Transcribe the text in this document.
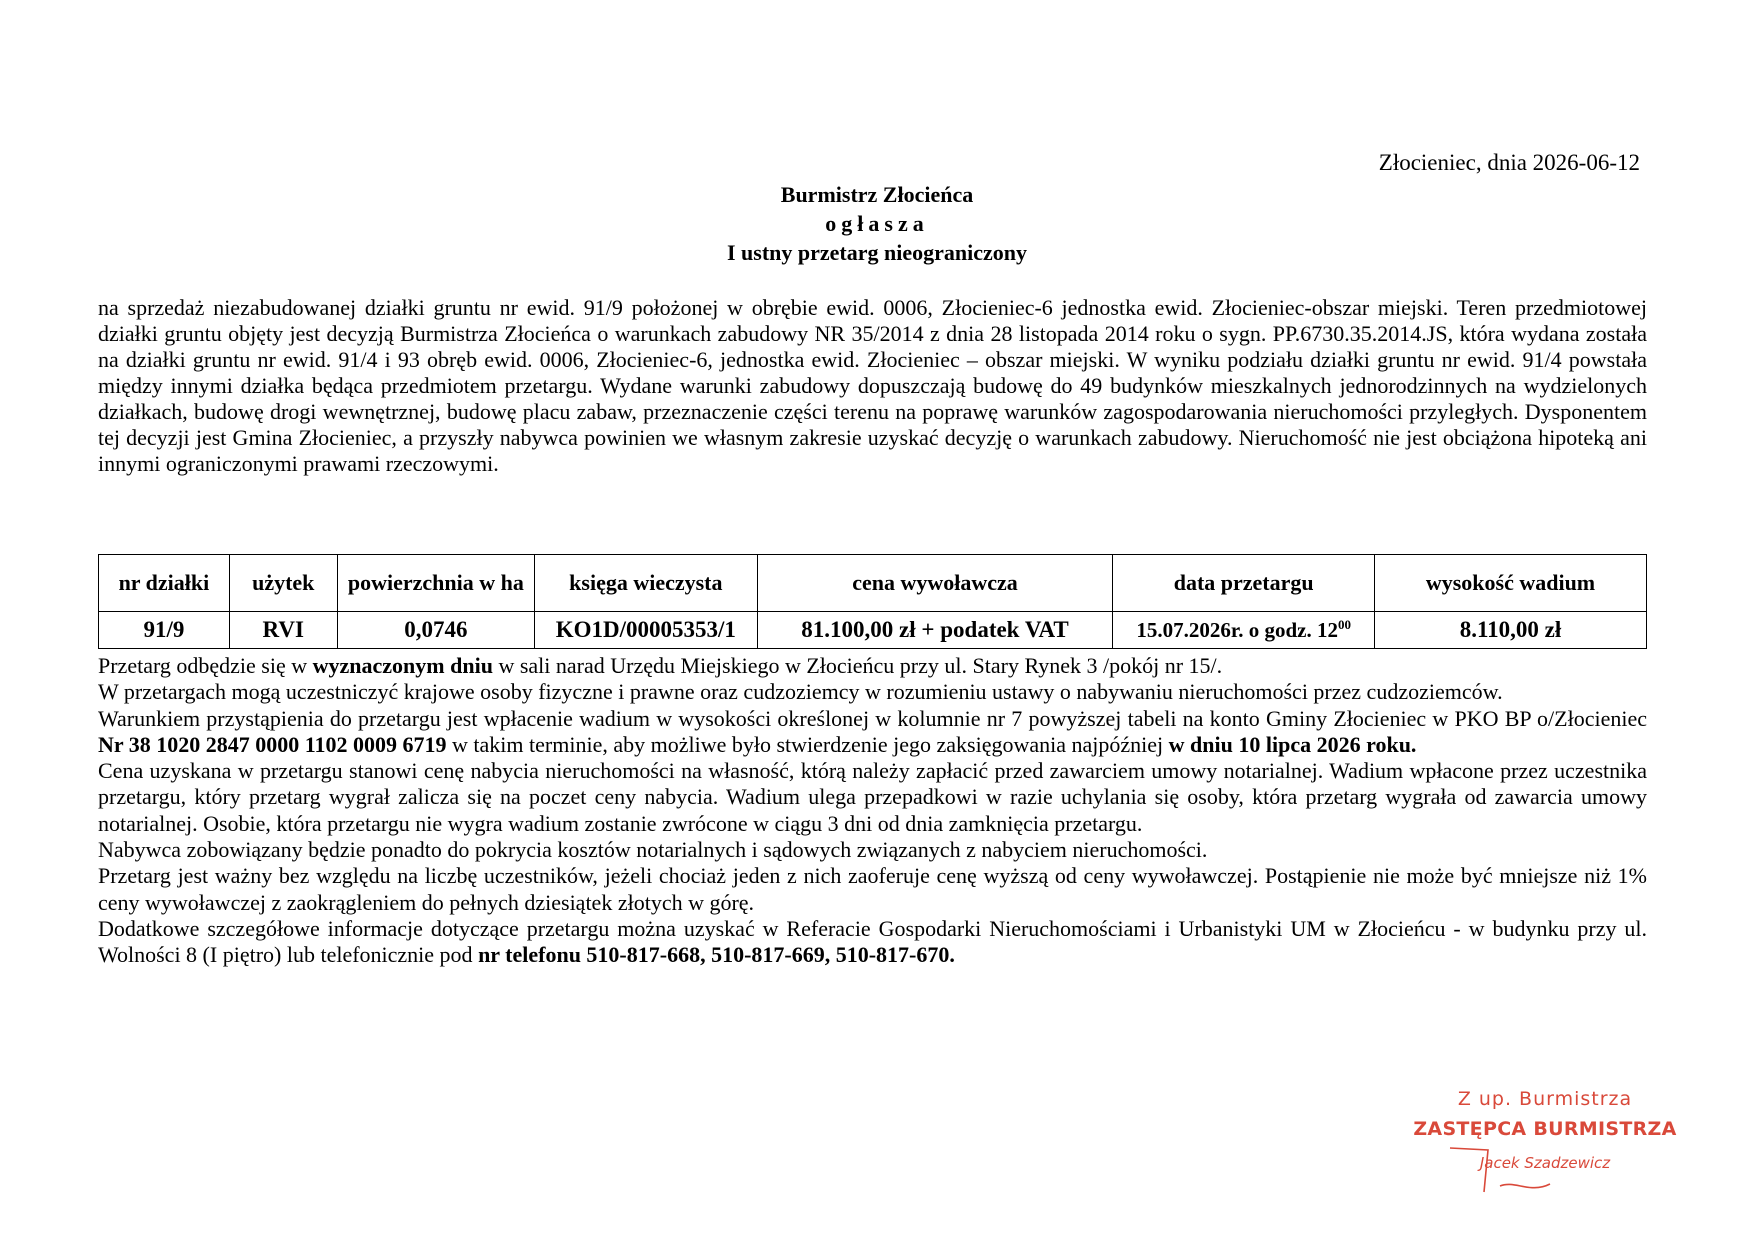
Złocieniec, dnia 2026-06-12
Burmistrz Złocieńca
ogłasza
I ustny przetarg nieograniczony
na sprzedaż niezabudowanej działki gruntu nr ewid. 91/9 położonej w obrębie ewid. 0006, Złocieniec-6 jednostka ewid. Złocieniec-obszar miejski. Teren przedmiotowej działki gruntu objęty jest decyzją Burmistrza Złocieńca o warunkach zabudowy NR 35/2014 z dnia 28 listopada 2014 roku o sygn. PP.6730.35.2014.JS, która wydana została na działki gruntu nr ewid. 91/4 i 93 obręb ewid. 0006, Złocieniec-6, jednostka ewid. Złocieniec – obszar miejski. W wyniku podziału działki gruntu nr ewid. 91/4 powstała między innymi działka będąca przedmiotem przetargu. Wydane warunki zabudowy dopuszczają budowę do 49 budynków mieszkalnych jednorodzinnych na wydzielonych działkach, budowę drogi wewnętrznej, budowę placu zabaw, przeznaczenie części terenu na poprawę warunków zagospodarowania nieruchomości przyległych. Dysponentem tej decyzji jest Gmina Złocieniec, a przyszły nabywca powinien we własnym zakresie uzyskać decyzję o warunkach zabudowy. Nieruchomość nie jest obciążona hipoteką ani innymi ograniczonymi prawami rzeczowymi.
nr działki	użytek	powierzchnia w ha	księga wieczysta	cena wywoławcza	data przetargu	wysokość wadium
91/9	RVI	0,0746	KO1D/00005353/1	81.100,00 zł + podatek VAT	15.07.2026r. o godz. $12^{00}$	8.110,00 zł

Przetarg odbędzie się w wyznaczonym dniu w sali narad Urzędu Miejskiego w Złocieńcu przy ul. Stary Rynek 3 /pokój nr 15/.

W przetargach mogą uczestniczyć krajowe osoby fizyczne i prawne oraz cudzoziemcy w rozumieniu ustawy o nabywaniu nieruchomości przez cudzoziemców.

Warunkiem przystąpienia do przetargu jest wpłacenie wadium w wysokości określonej w kolumnie nr 7 powyższej tabeli na konto Gminy Złocieniec w PKO BP o/Złocieniec Nr 38 1020 2847 0000 1102 0009 6719 w takim terminie, aby możliwe było stwierdzenie jego zaksięgowania najpóźniej w dniu 10 lipca 2026 roku.

Cena uzyskana w przetargu stanowi cenę nabycia nieruchomości na własność, którą należy zapłacić przed zawarciem umowy notarialnej. Wadium wpłacone przez uczestnika przetargu, który przetarg wygrał zalicza się na poczet ceny nabycia. Wadium ulega przepadkowi w razie uchylania się osoby, która przetarg wygrała od zawarcia umowy notarialnej. Osobie, która przetargu nie wygra wadium zostanie zwrócone w ciągu 3 dni od dnia zamknięcia przetargu.

Nabywca zobowiązany będzie ponadto do pokrycia kosztów notarialnych i sądowych związanych z nabyciem nieruchomości.

Przetarg jest ważny bez względu na liczbę uczestników, jeżeli chociaż jeden z nich zaoferuje cenę wyższą od ceny wywoławczej. Postąpienie nie może być mniejsze niż 1% ceny wywoławczej z zaokrągleniem do pełnych dziesiątek złotych w górę.

Dodatkowe szczegółowe informacje dotyczące przetargu można uzyskać w Referacie Gospodarki Nieruchomościami i Urbanistyki UM w Złocieńcu - w budynku przy ul. Wolności 8 (I piętro) lub telefonicznie pod nr telefonu 510-817-668, 510-817-669, 510-817-670.

Z up. Burmistrza
ZASTĘPCA BURMISTRZA
Jacek Szadzewicz
